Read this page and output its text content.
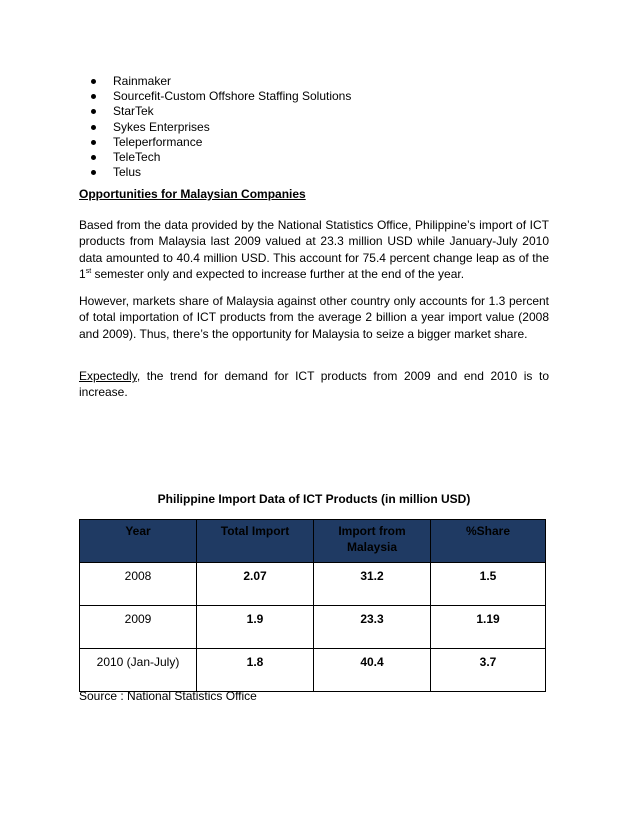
Rainmaker
Sourcefit-Custom Offshore Staffing Solutions
StarTek
Sykes Enterprises
Teleperformance
TeleTech
Telus
Opportunities for Malaysian Companies

Based from the data provided by the National Statistics Office, Philippine’s import of ICT products from Malaysia last 2009 valued at 23.3 million USD while January-July 2010 data amounted to 40.4 million USD. This account for 75.4 percent change leap as of the 1st semester only and expected to increase further at the end of the year.

However, markets share of Malaysia against other country only accounts for 1.3 percent of total importation of ICT products from the average 2 billion a year import value (2008 and 2009). Thus, there’s the opportunity for Malaysia to seize a bigger market share.

Expectedly, the trend for demand for ICT products from 2009 and end 2010 is to increase.

Philippine Import Data of ICT Products (in million USD)
Year	Total Import	Import from Malaysia	%Share
2008	2.07	31.2	1.5
2009	1.9	23.3	1.19
2010 (Jan-July)	1.8	40.4	3.7
Source : National Statistics Office
